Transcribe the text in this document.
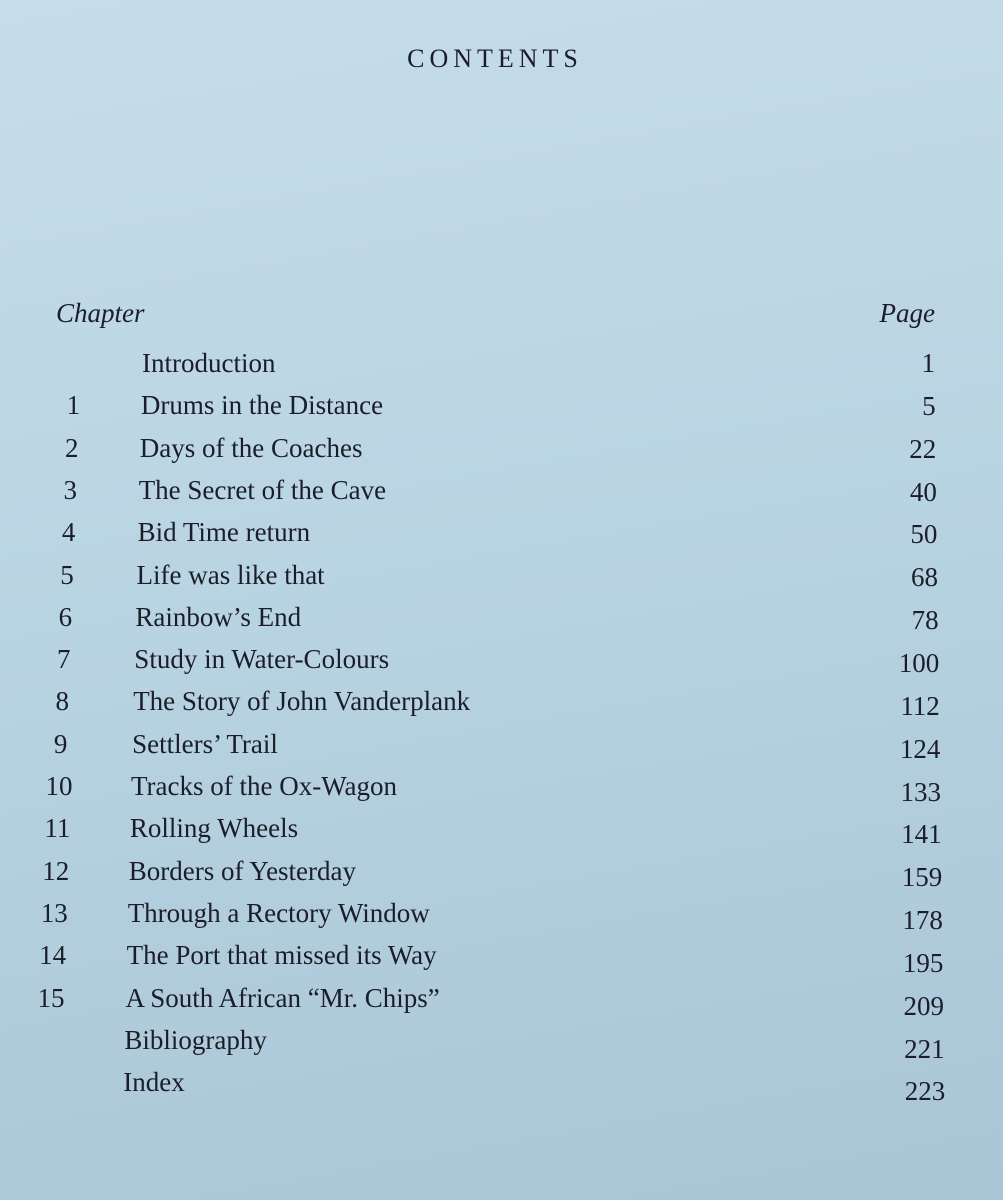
CONTENTS
Chapter	Page
Introduction	1
1	Drums in the Distance	5
2	Days of the Coaches	22
3	The Secret of the Cave	40
4	Bid Time return	50
5	Life was like that	68
6	Rainbow’s End	78
7	Study in Water-Colours	100
8	The Story of John Vanderplank	112
9	Settlers’ Trail	124
10	Tracks of the Ox-Wagon	133
11	Rolling Wheels	141
12	Borders of Yesterday	159
13	Through a Rectory Window	178
14	The Port that missed its Way	195
15	A South African “Mr. Chips”	209
Bibliography	221
Index	223
